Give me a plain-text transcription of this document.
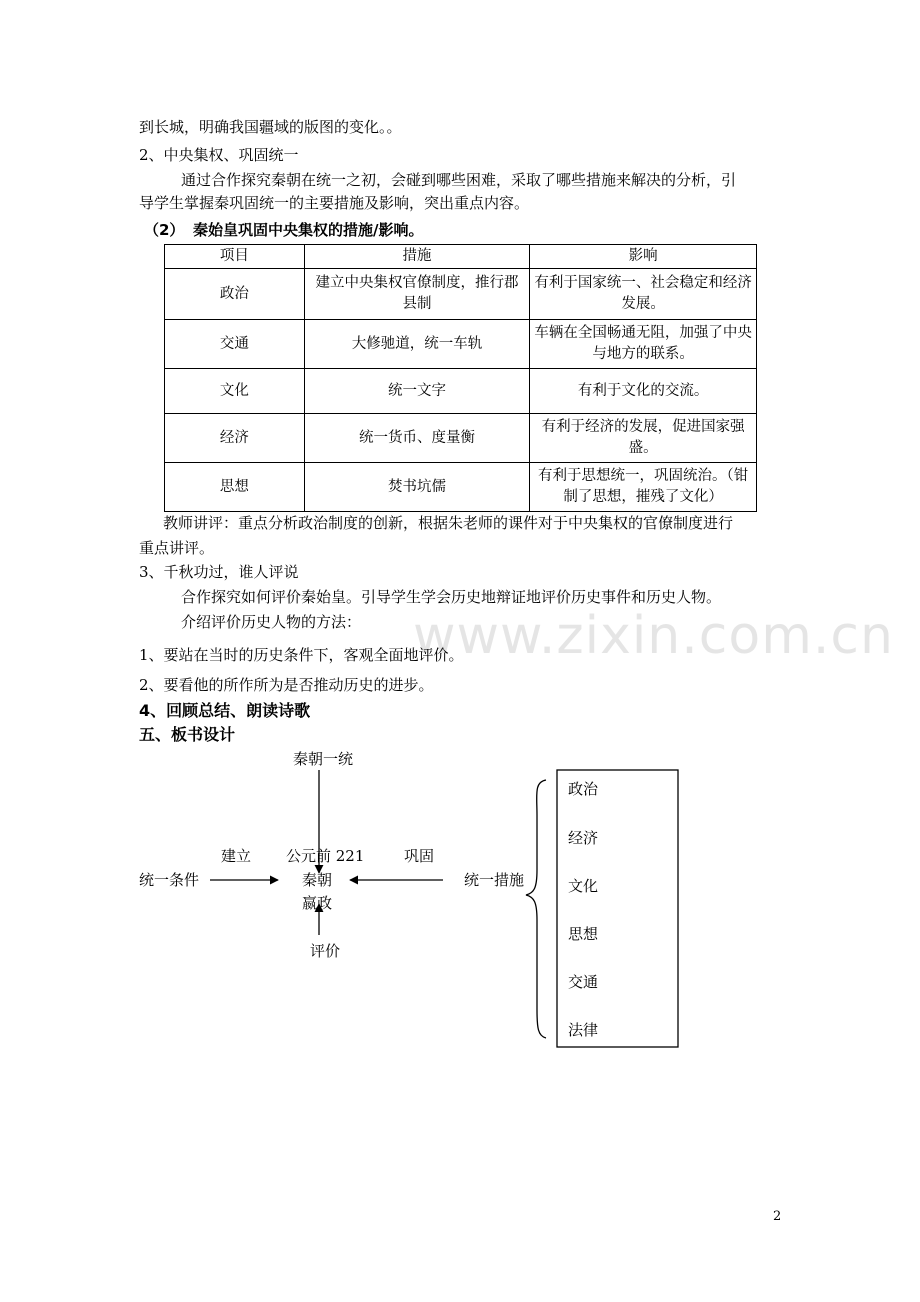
www.zixin.com.cn
到长城，明确我国疆域的版图的变化。。
2、中央集权、巩固统一
通过合作探究秦朝在统一之初，会碰到哪些困难，采取了哪些措施来解决的分析，引
导学生掌握秦巩固统一的主要措施及影响，突出重点内容。
（2） 秦始皇巩固中央集权的措施/影响。
项目	措施	影响
政治	建立中央集权官僚制度，推行郡县制	有利于国家统一、社会稳定和经济发展。
交通	大修驰道，统一车轨	车辆在全国畅通无阻，加强了中央与地方的联系。
文化	统一文字	有利于文化的交流。
经济	统一货币、度量衡	有利于经济的发展，促进国家强盛。
思想	焚书坑儒	有利于思想统一，巩固统治。（钳制了思想，摧残了文化）
教师讲评：重点分析政治制度的创新，根据朱老师的课件对于中央集权的官僚制度进行
重点讲评。
3、千秋功过，谁人评说
合作探究如何评价秦始皇。引导学生学会历史地辩证地评价历史事件和历史人物。
介绍评价历史人物的方法：
1、要站在当时的历史条件下，客观全面地评价。
2、要看他的所作所为是否推动历史的进步。
4、回顾总结、朗读诗歌
五、板书设计
秦朝一统
建立 公元前 221	巩固
统一条件	秦朝	统一措施
嬴政
评价
政治
经济
文化
思想
交通
法律
2
